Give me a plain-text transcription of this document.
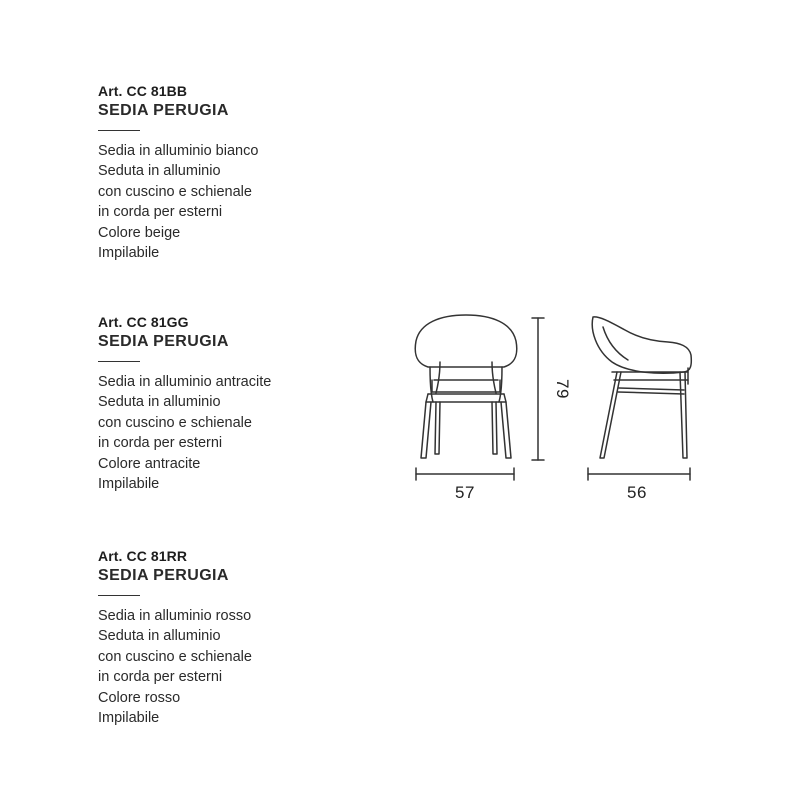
Art. CC 81BB
SEDIA PERUGIA
Sedia in alluminio bianco
Seduta in alluminio
con cuscino e schienale
in corda per esterni
Colore beige
Impilabile
Art. CC 81GG
SEDIA PERUGIA
Sedia in alluminio antracite
Seduta in alluminio
con cuscino e schienale
in corda per esterni
Colore antracite
Impilabile
Art. CC 81RR
SEDIA PERUGIA
Sedia in alluminio rosso
Seduta in alluminio
con cuscino e schienale
in corda per esterni
Colore rosso
Impilabile
57
79
56
